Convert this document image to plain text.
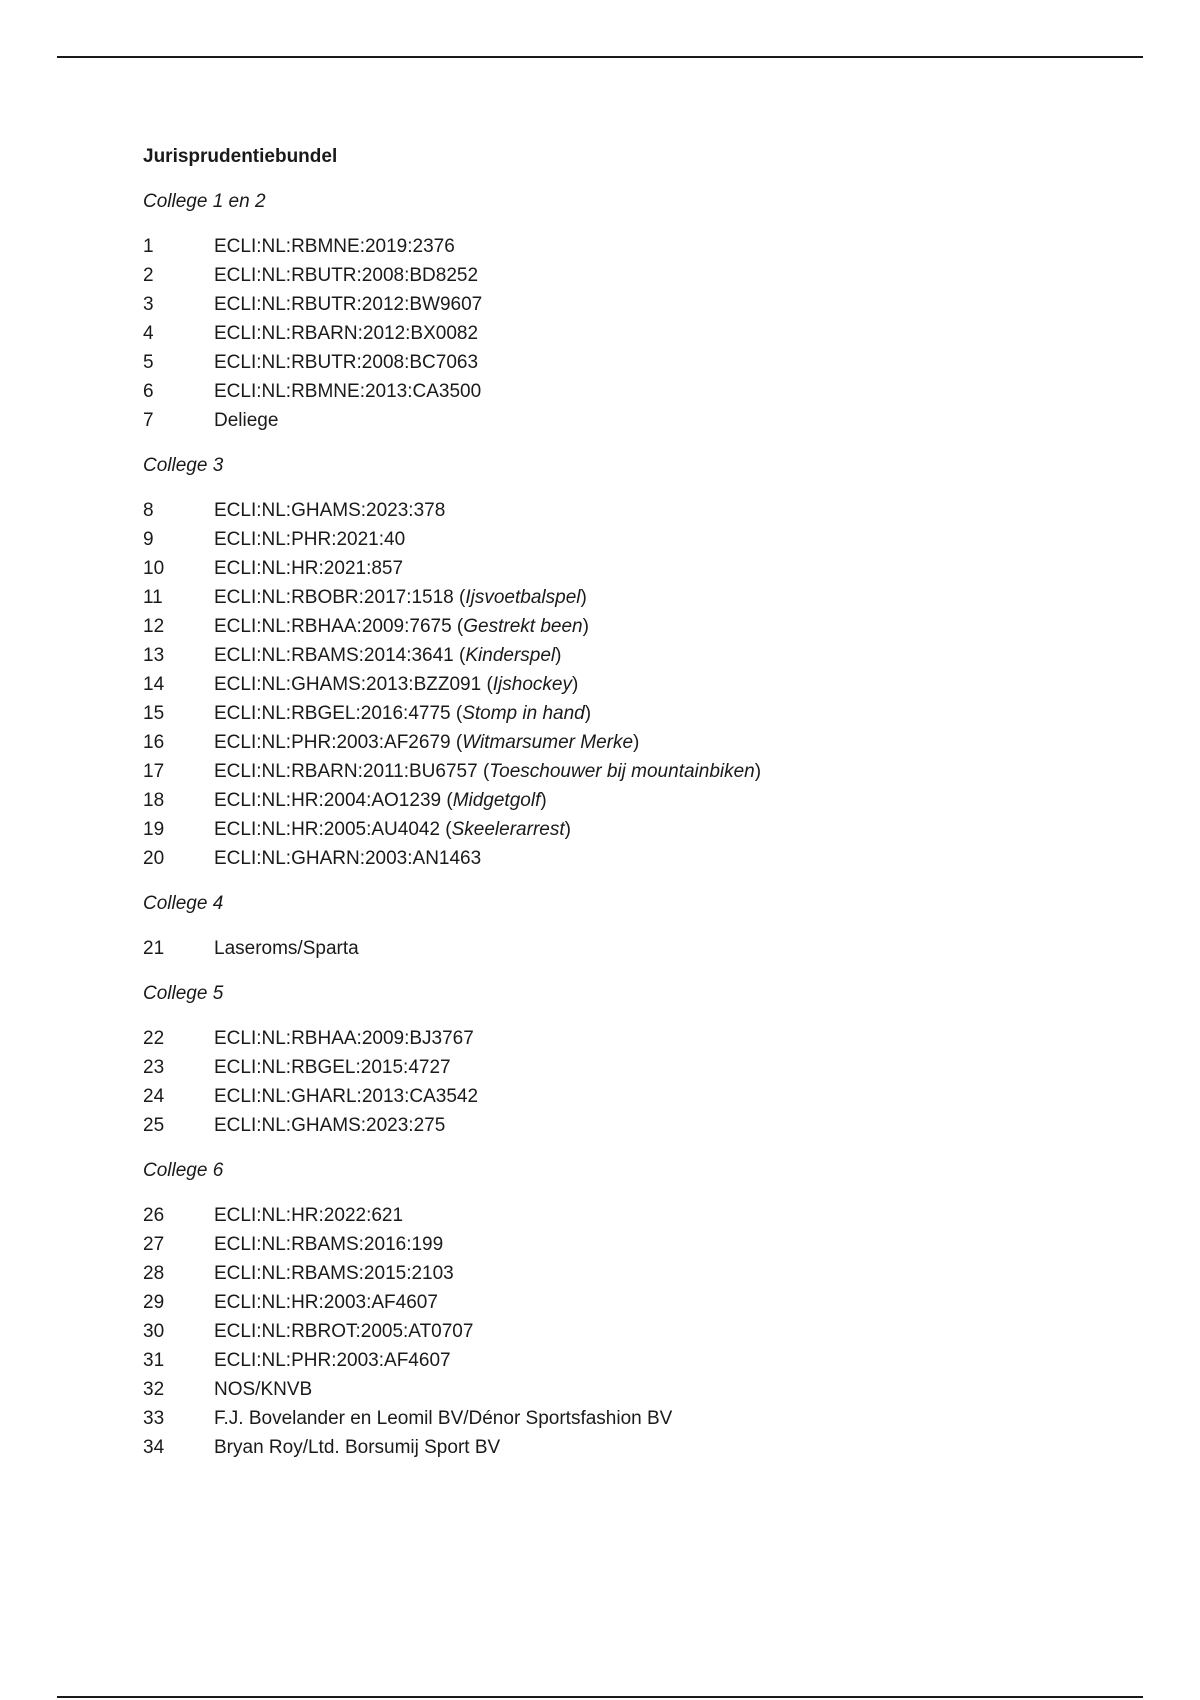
Jurisprudentiebundel
College 1 en 2
1	ECLI:NL:RBMNE:2019:2376
2	ECLI:NL:RBUTR:2008:BD8252
3	ECLI:NL:RBUTR:2012:BW9607
4	ECLI:NL:RBARN:2012:BX0082
5	ECLI:NL:RBUTR:2008:BC7063
6	ECLI:NL:RBMNE:2013:CA3500
7	Deliege
College 3
8	ECLI:NL:GHAMS:2023:378
9	ECLI:NL:PHR:2021:40
10	ECLI:NL:HR:2021:857
11	ECLI:NL:RBOBR:2017:1518 (Ijsvoetbalspel)
12	ECLI:NL:RBHAA:2009:7675 (Gestrekt been)
13	ECLI:NL:RBAMS:2014:3641 (Kinderspel)
14	ECLI:NL:GHAMS:2013:BZZ091 (Ijshockey)
15	ECLI:NL:RBGEL:2016:4775 (Stomp in hand)
16	ECLI:NL:PHR:2003:AF2679 (Witmarsumer Merke)
17	ECLI:NL:RBARN:2011:BU6757 (Toeschouwer bij mountainbiken)
18	ECLI:NL:HR:2004:AO1239 (Midgetgolf)
19	ECLI:NL:HR:2005:AU4042 (Skeelerarrest)
20	ECLI:NL:GHARN:2003:AN1463
College 4
21	Laseroms/Sparta
College 5
22	ECLI:NL:RBHAA:2009:BJ3767
23	ECLI:NL:RBGEL:2015:4727
24	ECLI:NL:GHARL:2013:CA3542
25	ECLI:NL:GHAMS:2023:275
College 6
26	ECLI:NL:HR:2022:621
27	ECLI:NL:RBAMS:2016:199
28	ECLI:NL:RBAMS:2015:2103
29	ECLI:NL:HR:2003:AF4607
30	ECLI:NL:RBROT:2005:AT0707
31	ECLI:NL:PHR:2003:AF4607
32	NOS/KNVB
33	F.J. Bovelander en Leomil BV/Dénor Sportsfashion BV
34	Bryan Roy/Ltd. Borsumij Sport BV
